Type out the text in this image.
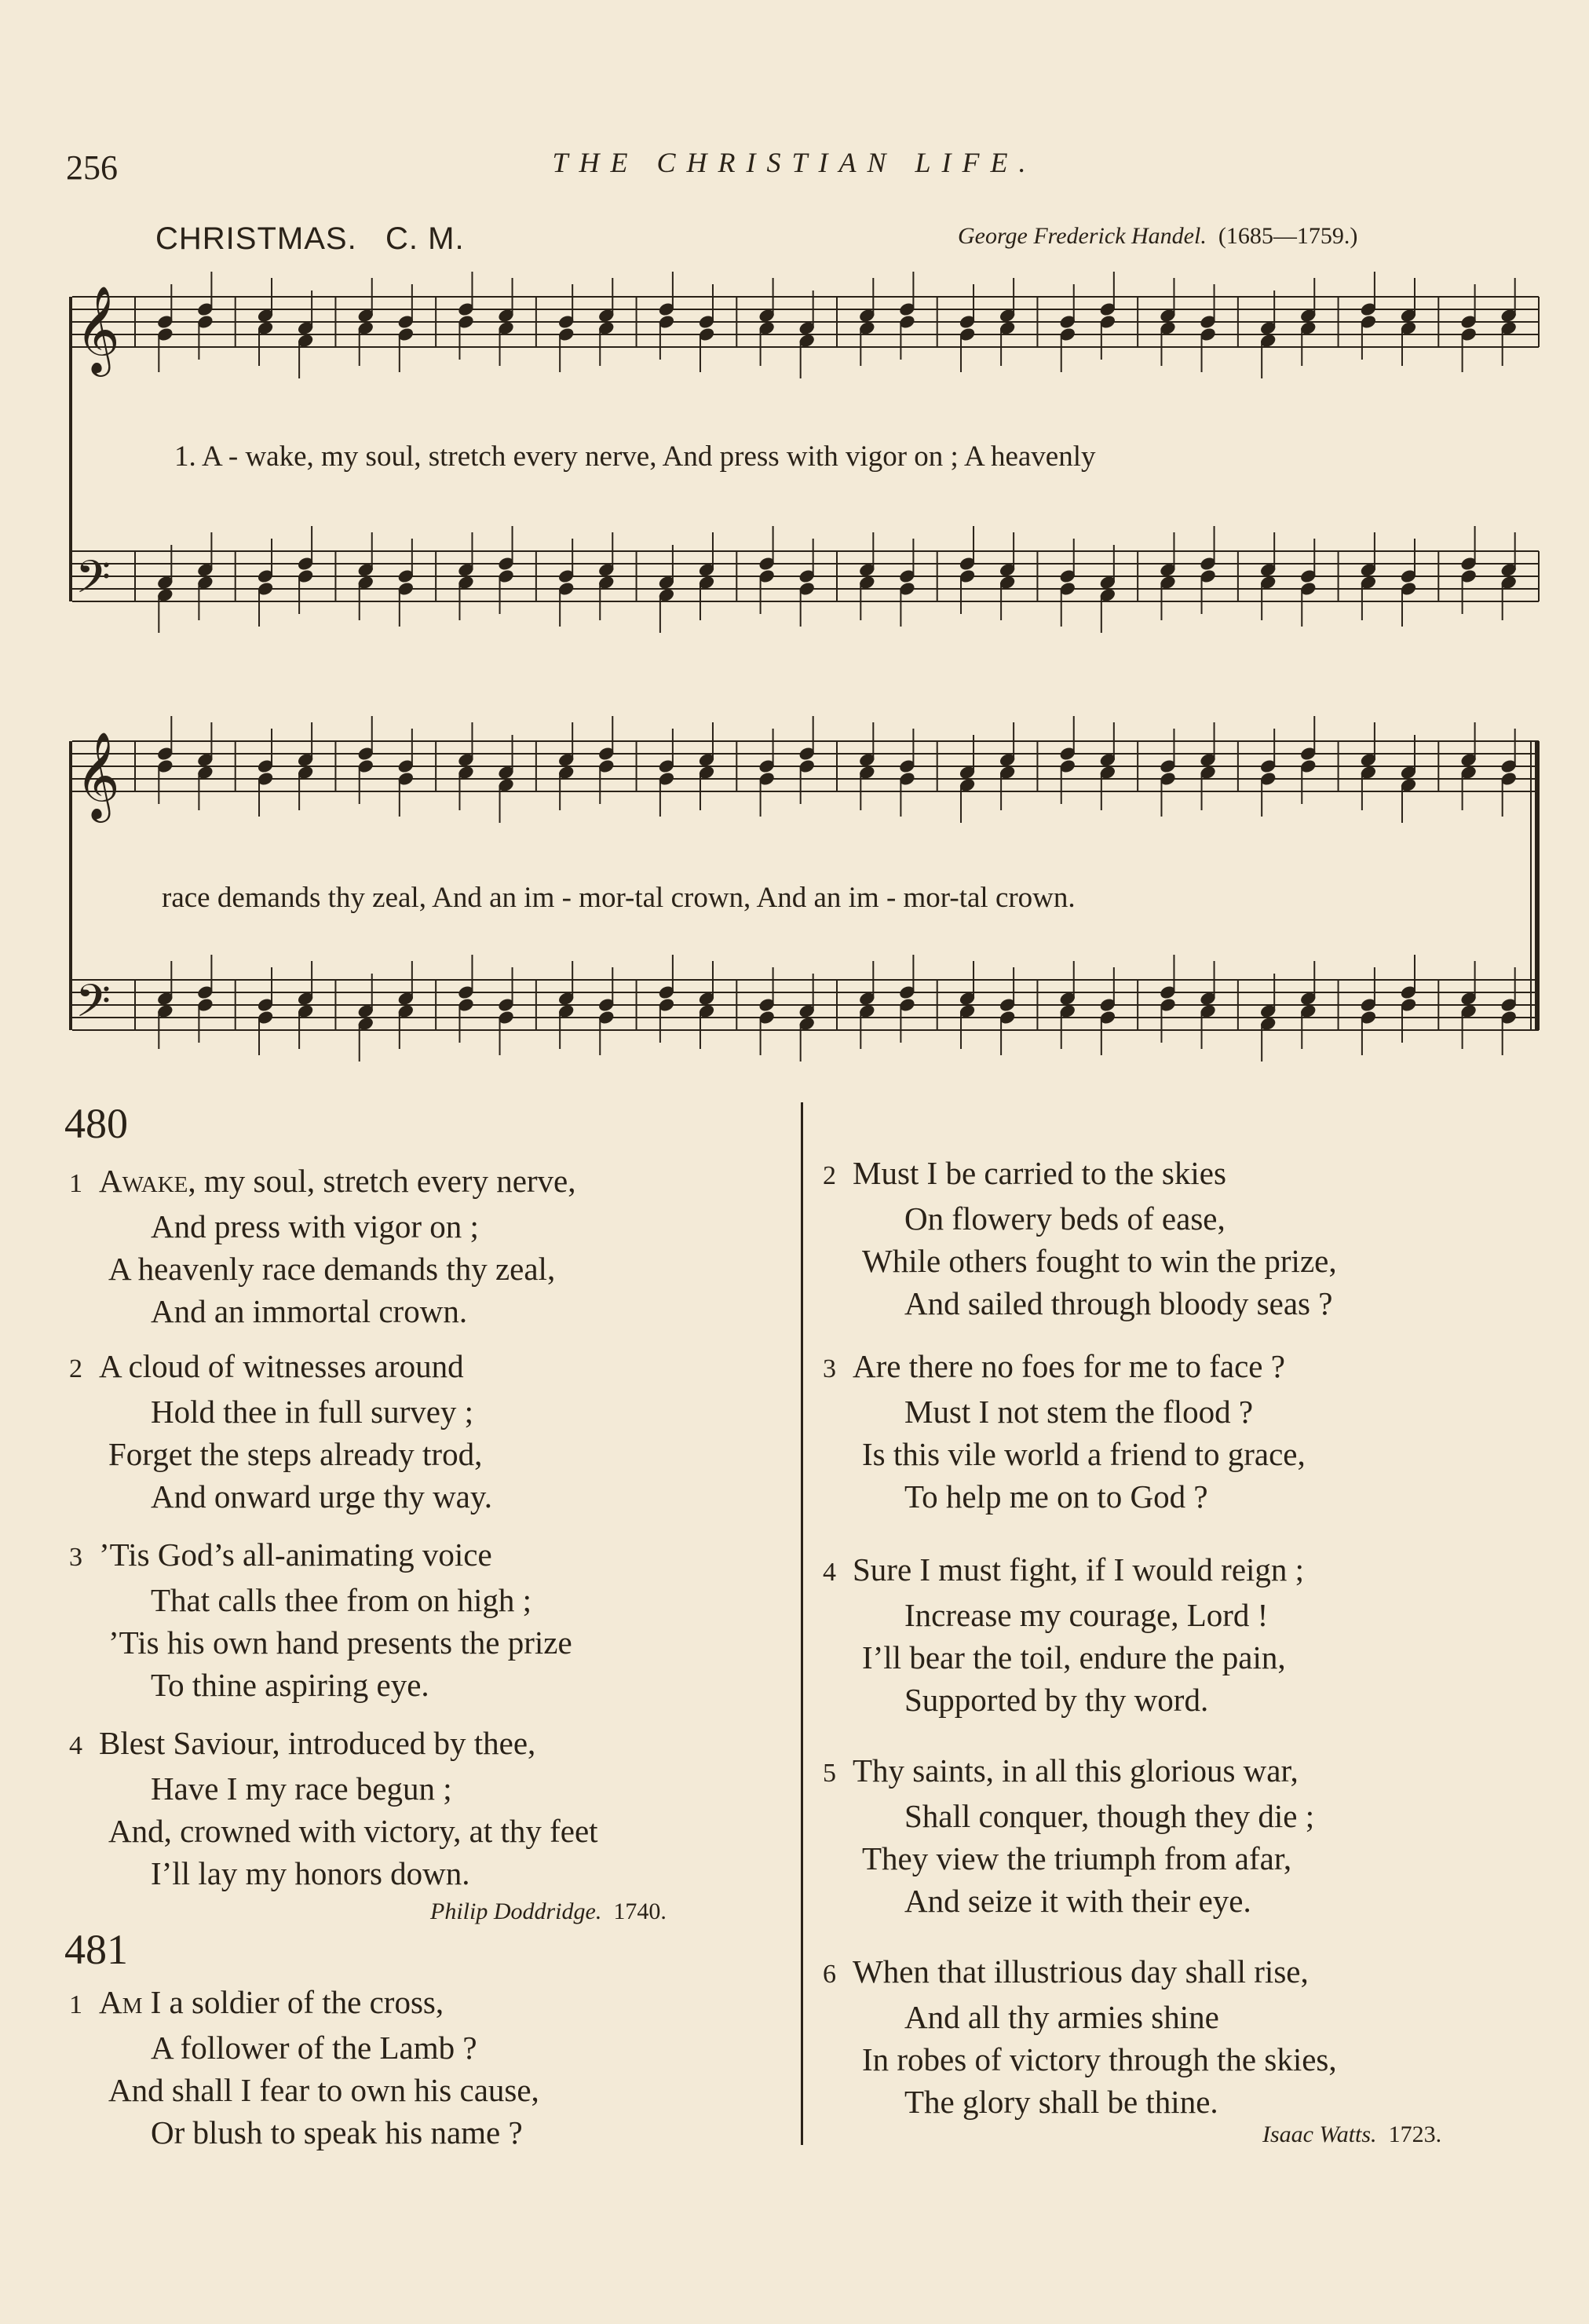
256	THE CHRISTIAN LIFE.
CHRISTMAS. C. M.	George Frederick Handel. (1685—1759.)
𝄞
𝄢
𝄞
𝄢
1. A - wake, my soul, stretch every nerve, And press with vigor on ; A heavenly
race demands thy zeal, And an im - mor-tal crown, And an im - mor-tal crown.
480
1 Awake, my soul, stretch every nerve,
And press with vigor on ;
A heavenly race demands thy zeal,
And an immortal crown.
2 A cloud of witnesses around
Hold thee in full survey ;
Forget the steps already trod,
And onward urge thy way.
3 ’Tis God’s all-animating voice
That calls thee from on high ;
’Tis his own hand presents the prize
To thine aspiring eye.
4 Blest Saviour, introduced by thee,
Have I my race begun ;
And, crowned with victory, at thy feet
I’ll lay my honors down.
Philip Doddridge. 1740.
481
1 Am I a soldier of the cross,
A follower of the Lamb ?
And shall I fear to own his cause,
Or blush to speak his name ?
2 Must I be carried to the skies
On flowery beds of ease,
While others fought to win the prize,
And sailed through bloody seas ?
3 Are there no foes for me to face ?
Must I not stem the flood ?
Is this vile world a friend to grace,
To help me on to God ?
4 Sure I must fight, if I would reign ;
Increase my courage, Lord !
I’ll bear the toil, endure the pain,
Supported by thy word.
5 Thy saints, in all this glorious war,
Shall conquer, though they die ;
They view the triumph from afar,
And seize it with their eye.
6 When that illustrious day shall rise,
And all thy armies shine
In robes of victory through the skies,
The glory shall be thine.
Isaac Watts. 1723.
